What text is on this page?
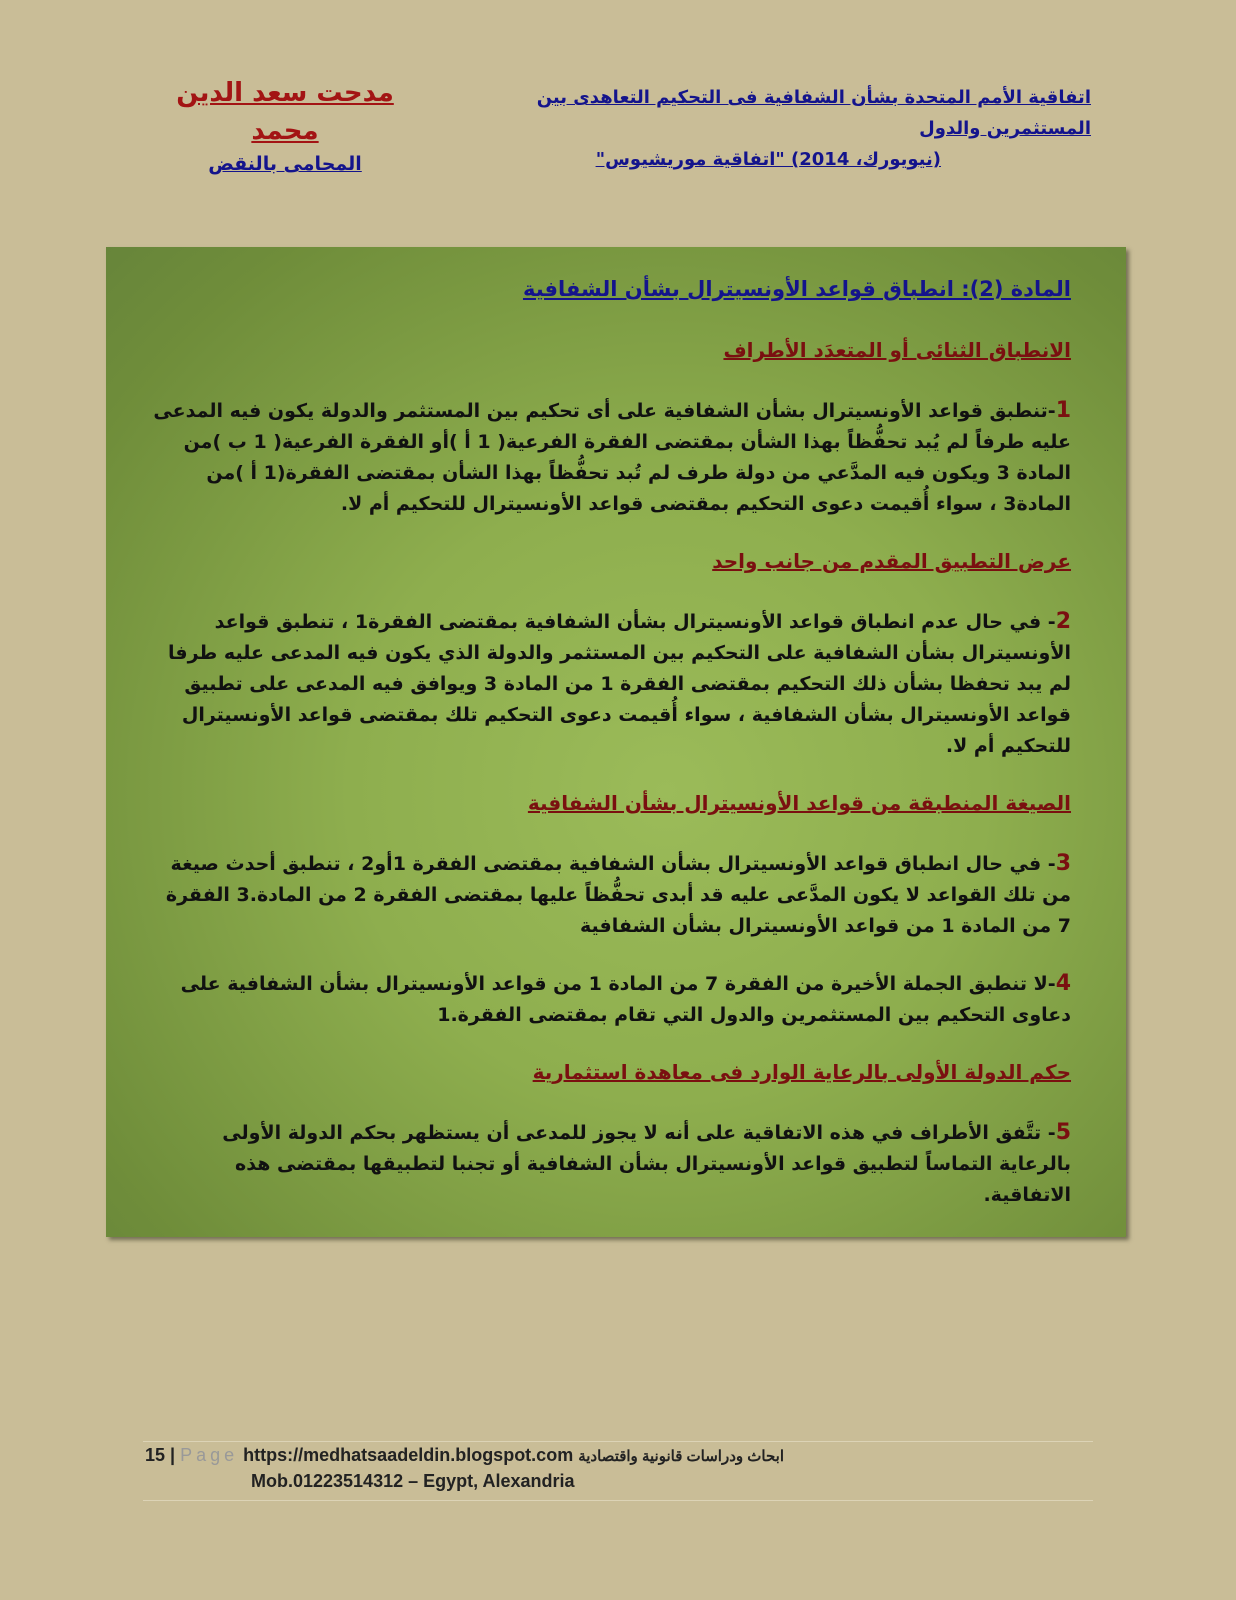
اتفاقية الأمم المتحدة بشأن الشفافية فى التحكيم التعاهدى بين المستثمرين والدول
(نيويورك، 2014) "اتفاقية موريشيوس"
مدحت سعد الدين محمد
المحامى بالنقض
المادة (2): انطباق قواعد الأونسيترال بشأن الشفافية
الانطباق الثنائى أو المتعدَد الأطراف
1-تنطبق قواعد الأونسيترال بشأن الشفافية على أى تحكيم بين المستثمر والدولة يكون فيه المدعى عليه طرفاً لم يُبد تحفُّظاً بهذا الشأن بمقتضى الفقرة الفرعية( 1 أ )أو الفقرة الفرعية( 1 ب )من المادة 3 ويكون فيه المدَّعي من دولة طرف لم تُبد تحفُّظاً بهذا الشأن بمقتضى الفقرة(1 أ )من المادة3 ، سواء أُقيمت دعوى التحكيم بمقتضى قواعد الأونسيترال للتحكيم أم لا.
عرض التطبيق المقدم من جانب واحد
2- في حال عدم انطباق قواعد الأونسيترال بشأن الشفافية بمقتضى الفقرة1 ، تنطبق قواعد الأونسيترال بشأن الشفافية على التحكيم بين المستثمر والدولة الذي يكون فيه المدعى عليه طرفا لم يبد تحفظا بشأن ذلك التحكيم بمقتضى الفقرة 1 من المادة 3 ويوافق فيه المدعى على تطبيق قواعد الأونسيترال بشأن الشفافية ، سواء أُقيمت دعوى التحكيم تلك بمقتضى قواعد الأونسيترال للتحكيم أم لا.
الصيغة المنطبقة من قواعد الأونسيترال بشأن الشفافية
3- في حال انطباق قواعد الأونسيترال بشأن الشفافية بمقتضى الفقرة 1أو2 ، تنطبق أحدث صيغة من تلك القواعد لا يكون المدَّعى عليه قد أبدى تحفُّظاً عليها بمقتضى الفقرة 2 من المادة.3 الفقرة 7 من المادة 1 من قواعد الأونسيترال بشأن الشفافية
4-لا تنطبق الجملة الأخيرة من الفقرة 7 من المادة 1 من قواعد الأونسيترال بشأن الشفافية على دعاوى التحكيم بين المستثمرين والدول التي تقام بمقتضى الفقرة.1
حكم الدولة الأولى بالرعاية الوارد فى معاهدة استثمارية
5- تتَّفق الأطراف في هذه الاتفاقية على أنه لا يجوز للمدعى أن يستظهر بحكم الدولة الأولى بالرعاية التماساً لتطبيق قواعد الأونسيترال بشأن الشفافية أو تجنبا لتطبيقها بمقتضى هذه الاتفاقية.
15 | Page https://medhatsaadeldin.blogspot.com ابحاث ودراسات قانونية واقتصادية
Mob.01223514312 – Egypt, Alexandria
